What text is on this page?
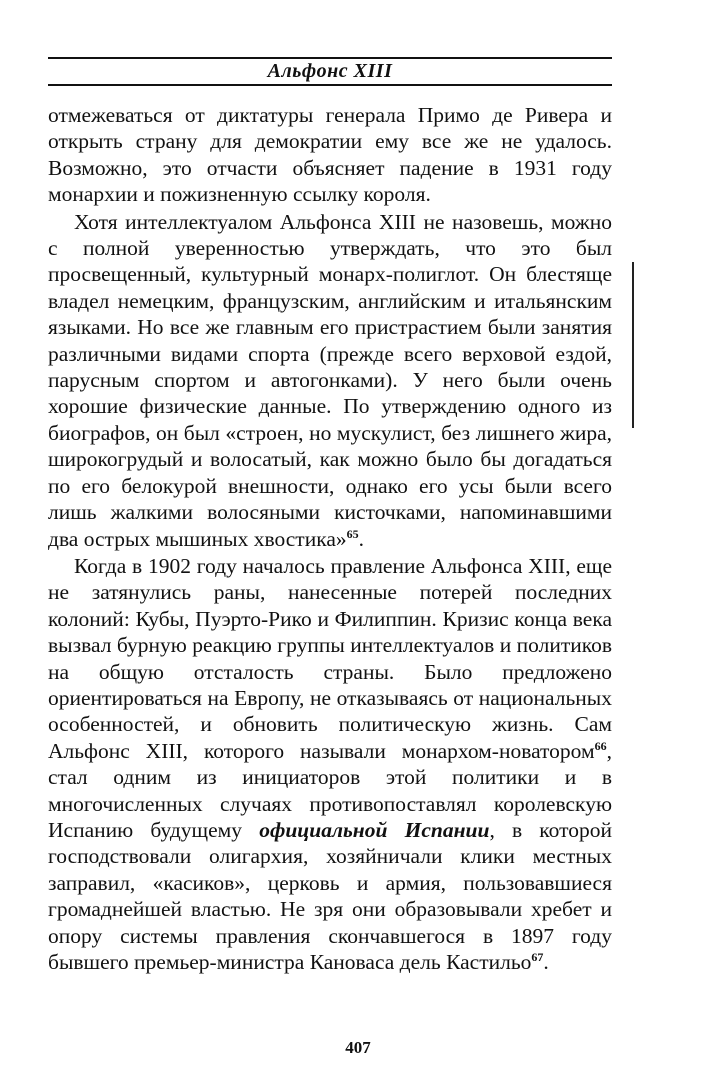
Альфонс XIII

отмежеваться от диктатуры генерала Примо де Ривера и открыть страну для демократии ему все же не удалось. Возможно, это отчасти объясняет падение в 1931 году монархии и пожизненную ссылку короля.

Хотя интеллектуалом Альфонса XIII не назовешь, можно с полной уверенностью утверждать, что это был просвещенный, культурный монарх-полиглот. Он блестяще владел немецким, французским, английским и итальянским языками. Но все же главным его пристрастием были занятия различными видами спорта (прежде всего верховой ездой, парусным спортом и автогонками). У него были очень хорошие физические данные. По утверждению одного из биографов, он был «строен, но мускулист, без лишнего жира, широкогрудый и волосатый, как можно было бы догадаться по его белокурой внешности, однако его усы были всего лишь жалкими волосяными кисточками, напоминавшими два острых мышиных хвостика»$^{65}$.

Когда в 1902 году началось правление Альфонса XIII, еще не затянулись раны, нанесенные потерей последних колоний: Кубы, Пуэрто-Рико и Филиппин. Кризис конца века вызвал бурную реакцию группы интеллектуалов и политиков на общую отсталость страны. Было предложено ориентироваться на Европу, не отказываясь от национальных особенностей, и обновить политическую жизнь. Сам Альфонс XIII, которого называли монархом-новатором$^{66}$, стал одним из инициаторов этой политики и в многочисленных случаях противопоставлял королевскую Испанию будущему официальной Испании, в которой господствовали олигархия, хозяйничали клики местных заправил, «касиков», церковь и армия, пользовавшиеся громаднейшей властью. Не зря они образовывали хребет и опору системы правления скончавшегося в 1897 году бывшего премьер-министра Кановаса дель Кастильо$^{67}$.

407
